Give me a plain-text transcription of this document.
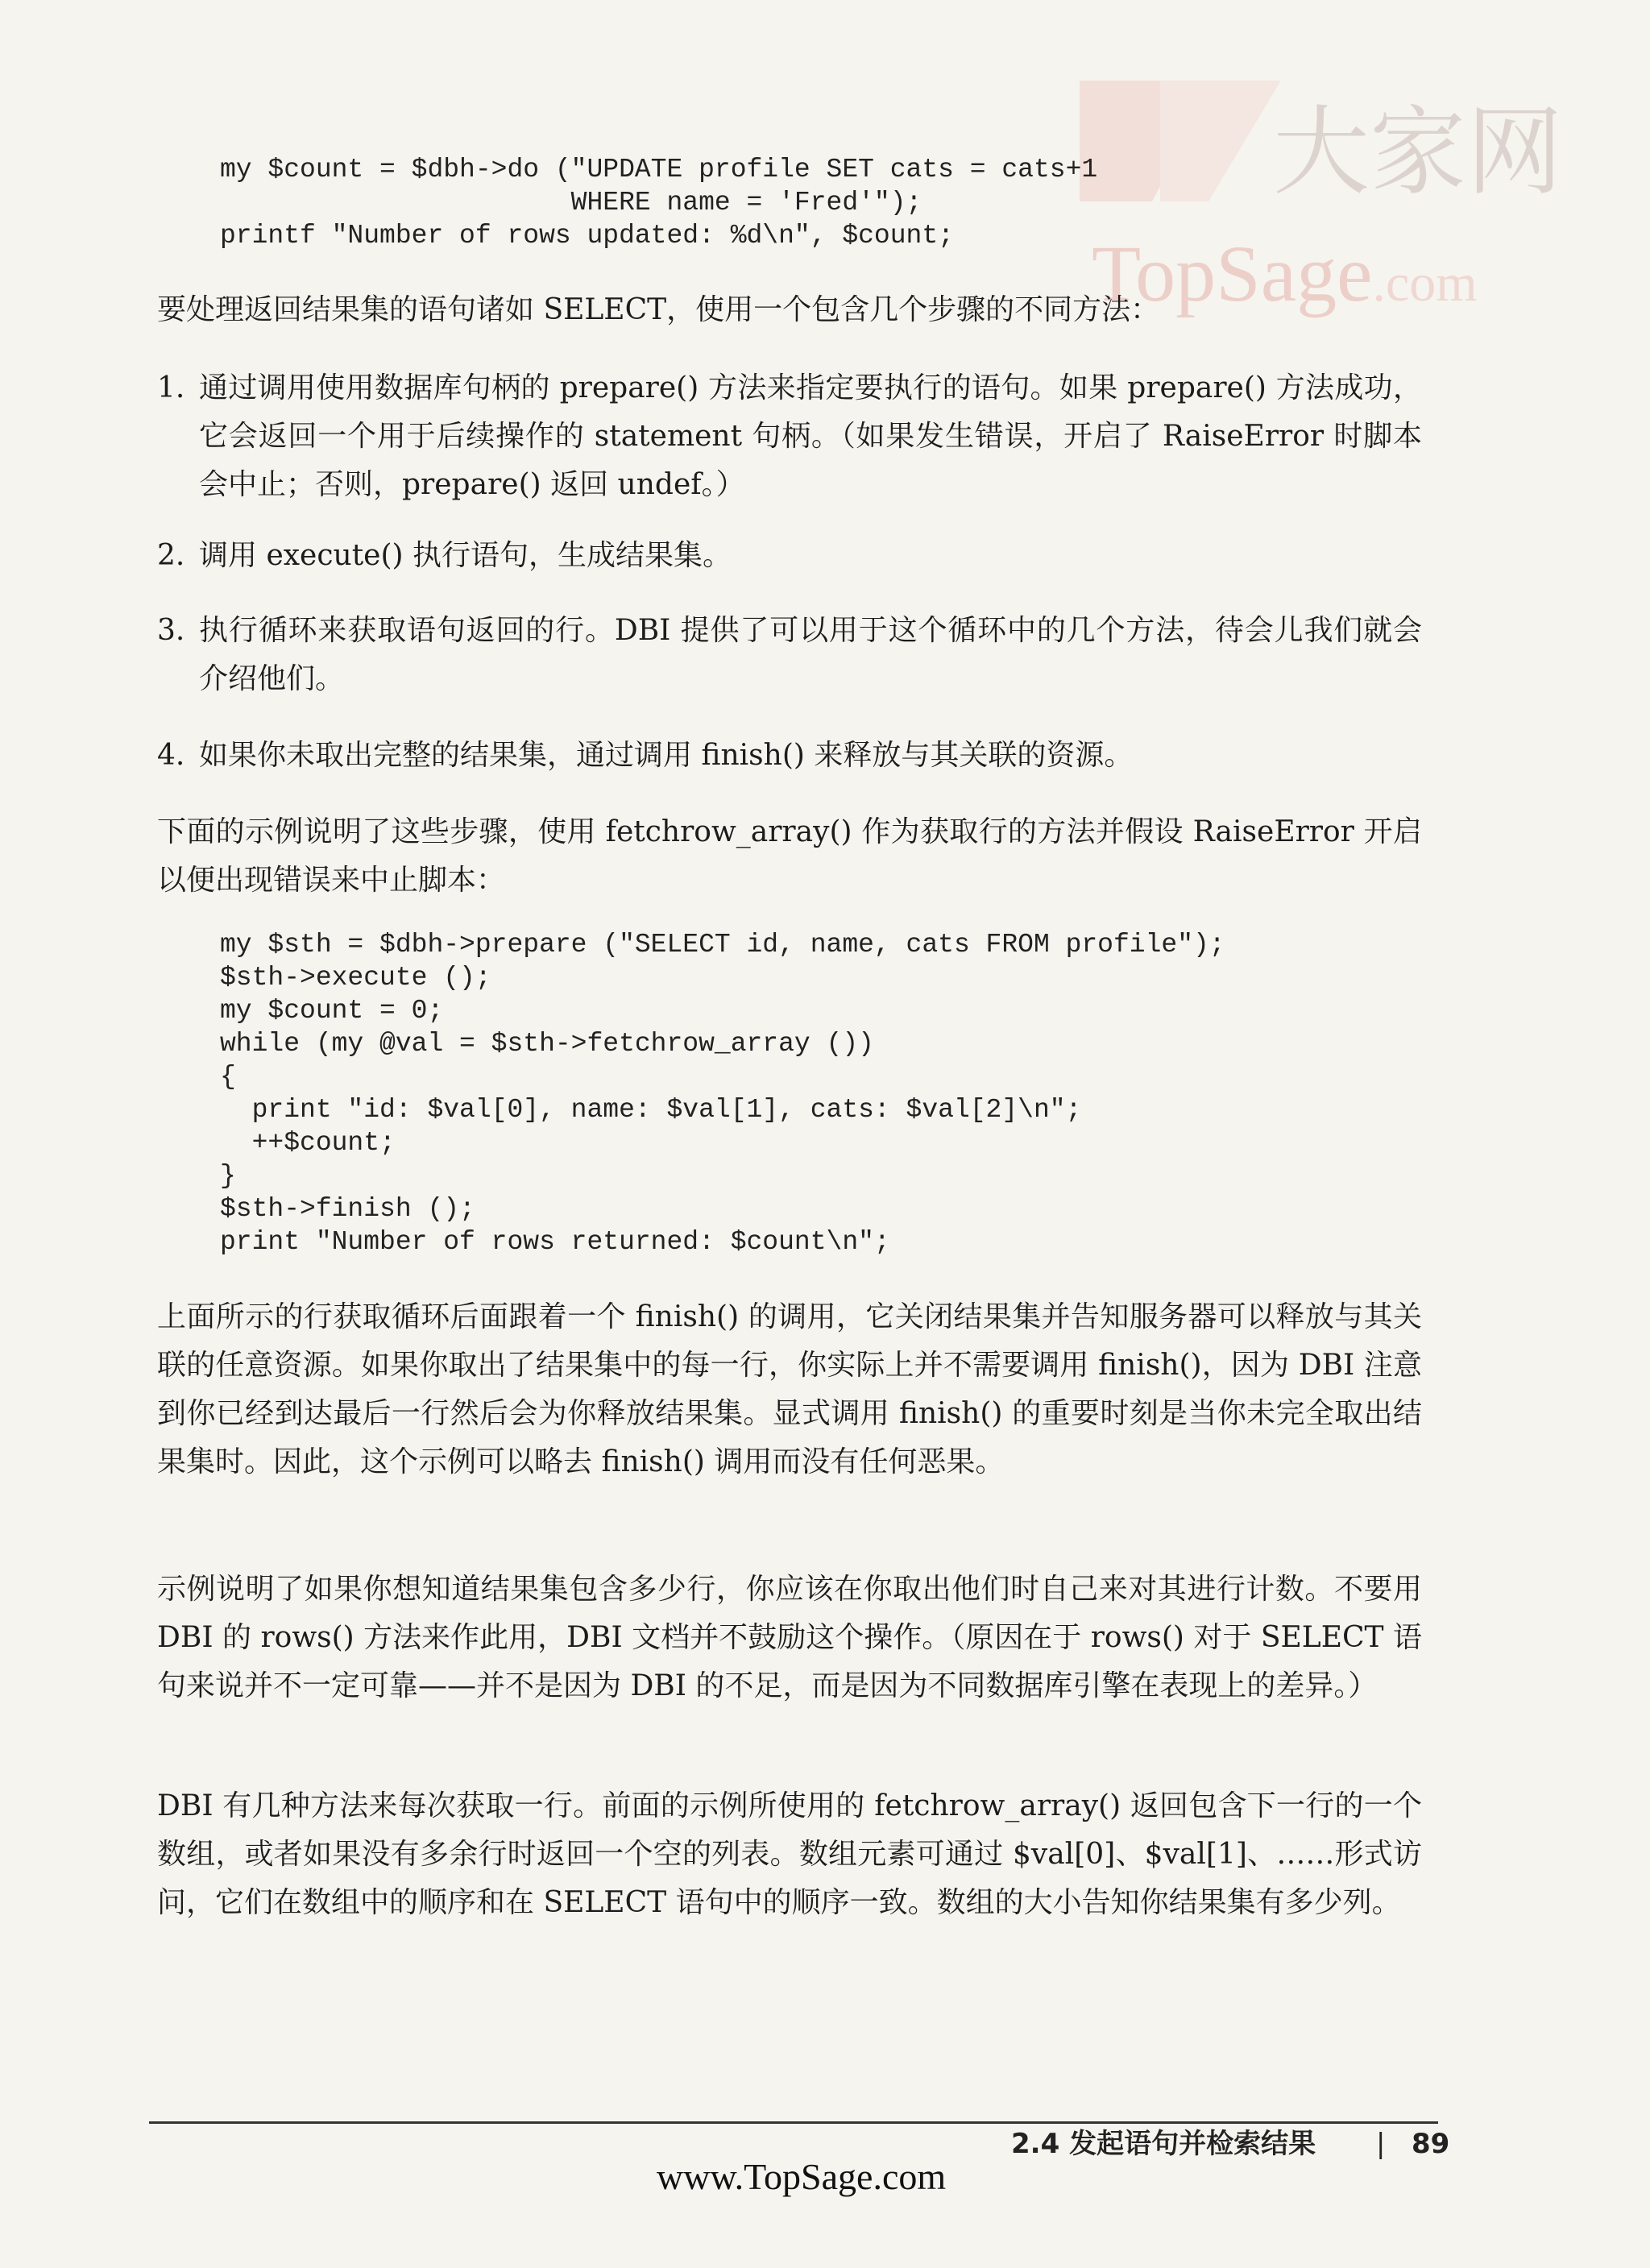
大家网
TopSage.com
my $count = $dbh->do ("UPDATE profile SET cats = cats+1
WHERE name = 'Fred'");
printf "Number of rows updated: %d\n", $count;

要处理返回结果集的语句诸如 SELECT，使用一个包含几个步骤的不同方法：

1. 通过调用使用数据库句柄的 prepare() 方法来指定要执行的语句。如果 prepare() 方法成功，它会返回一个用于后续操作的 statement 句柄。（如果发生错误，开启了 RaiseError 时脚本会中止；否则，prepare() 返回 undef。）
2. 调用 execute() 执行语句，生成结果集。
3. 执行循环来获取语句返回的行。DBI 提供了可以用于这个循环中的几个方法，待会儿我们就会介绍他们。
4. 如果你未取出完整的结果集，通过调用 finish() 来释放与其关联的资源。

下面的示例说明了这些步骤，使用 fetchrow_array() 作为获取行的方法并假设 RaiseError 开启以便出现错误来中止脚本：

my $sth = $dbh->prepare ("SELECT id, name, cats FROM profile");
$sth->execute ();
my $count = 0;
while (my @val = $sth->fetchrow_array ())
{
print "id: $val[0], name: $val[1], cats: $val[2]\n";
++$count;
}
$sth->finish ();
print "Number of rows returned: $count\n";

上面所示的行获取循环后面跟着一个 finish() 的调用，它关闭结果集并告知服务器可以释放与其关联的任意资源。如果你取出了结果集中的每一行，你实际上并不需要调用 finish()，因为 DBI 注意到你已经到达最后一行然后会为你释放结果集。显式调用 finish() 的重要时刻是当你未完全取出结果集时。因此，这个示例可以略去 finish() 调用而没有任何恶果。

示例说明了如果你想知道结果集包含多少行，你应该在你取出他们时自己来对其进行计数。不要用 DBI 的 rows() 方法来作此用，DBI 文档并不鼓励这个操作。（原因在于 rows() 对于 SELECT 语句来说并不一定可靠——并不是因为 DBI 的不足，而是因为不同数据库引擎在表现上的差异。）

DBI 有几种方法来每次获取一行。前面的示例所使用的 fetchrow_array() 返回包含下一行的一个数组，或者如果没有多余行时返回一个空的列表。数组元素可通过 $val[0]、$val[1]、……形式访问，它们在数组中的顺序和在 SELECT 语句中的顺序一致。数组的大小告知你结果集有多少列。

2.4 发起语句并检索结果 | 89
www.TopSage.com
